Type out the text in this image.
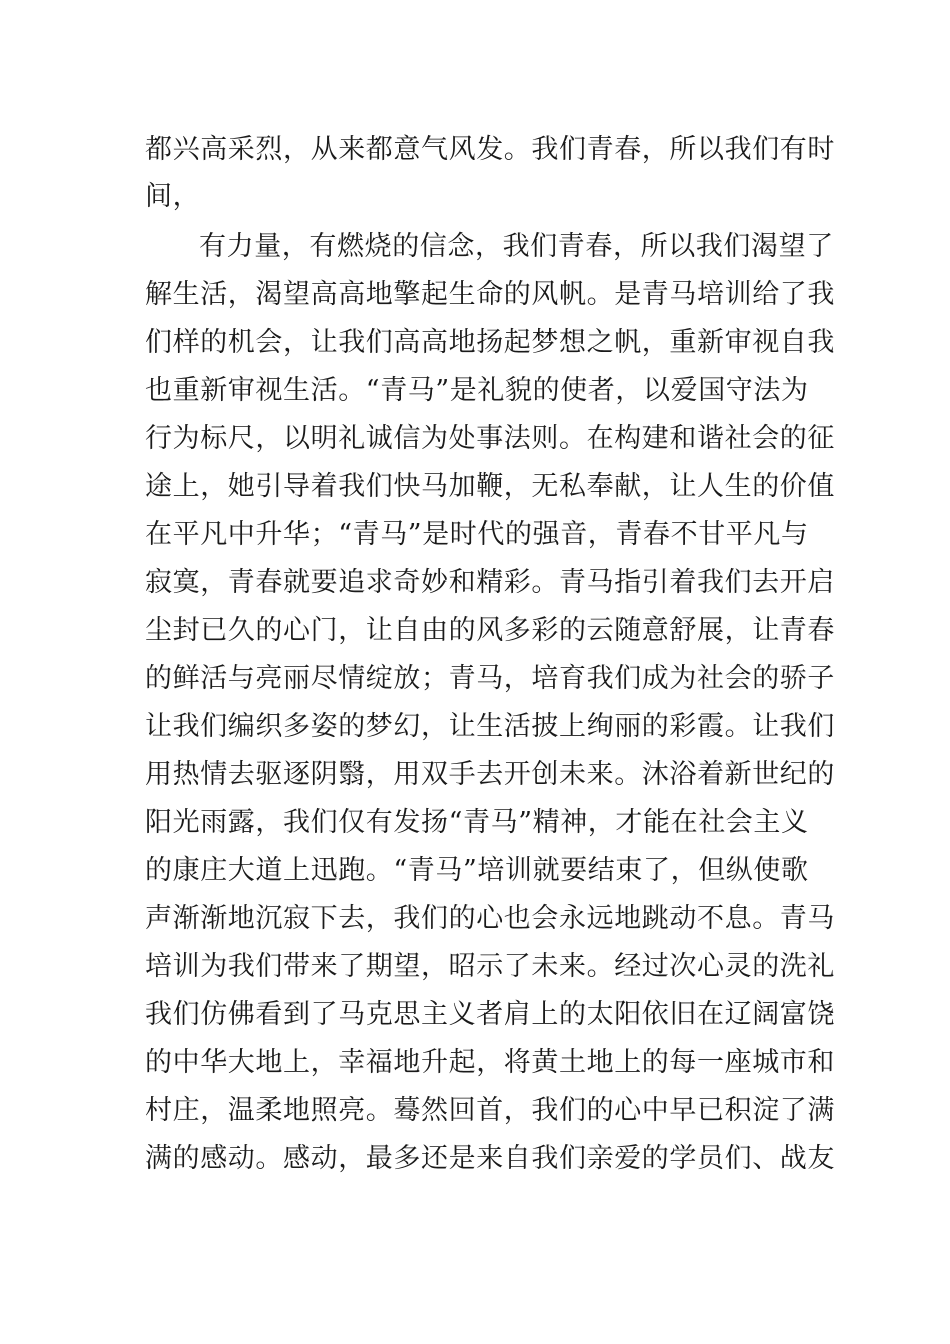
都兴高采烈，从来都意气风发。我们青春，所以我们有时
间，
有力量，有燃烧的信念，我们青春，所以我们渴望了
解生活，渴望高高地擎起生命的风帆。是青马培训给了我
们样的机会，让我们高高地扬起梦想之帆，重新审视自我
也重新审视生活。“青马”是礼貌的使者，以爱国守法为
行为标尺，以明礼诚信为处事法则。在构建和谐社会的征
途上，她引导着我们快马加鞭，无私奉献，让人生的价值
在平凡中升华；“青马”是时代的强音，青春不甘平凡与
寂寞，青春就要追求奇妙和精彩。青马指引着我们去开启
尘封已久的心门，让自由的风多彩的云随意舒展，让青春
的鲜活与亮丽尽情绽放；青马，培育我们成为社会的骄子
让我们编织多姿的梦幻，让生活披上绚丽的彩霞。让我们
用热情去驱逐阴翳，用双手去开创未来。沐浴着新世纪的
阳光雨露，我们仅有发扬“青马”精神，才能在社会主义
的康庄大道上迅跑。“青马”培训就要结束了，但纵使歌
声渐渐地沉寂下去，我们的心也会永远地跳动不息。青马
培训为我们带来了期望，昭示了未来。经过次心灵的洗礼
我们仿佛看到了马克思主义者肩上的太阳依旧在辽阔富饶
的中华大地上，幸福地升起，将黄土地上的每一座城市和
村庄，温柔地照亮。蓦然回首，我们的心中早已积淀了满
满的感动。感动，最多还是来自我们亲爱的学员们、战友
